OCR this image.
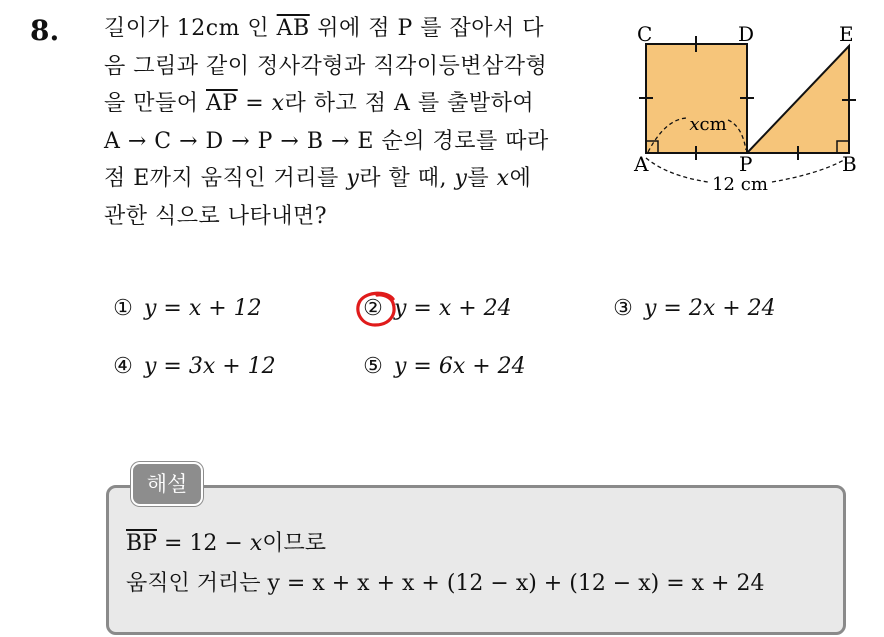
8. 길이가 12cm 인 $\overline{AB}$ 위에 점 P 를 잡아서 다
음 그림과 같이 정사각형과 직각이등변삼각형
을 만들어 $\overline{AP} = x$라 하고 점 A 를 출발하여
A → C → D → P → B → E 순의 경로를 따라
점 E까지 움직인 거리를 y라 할 때, y를 x에
관한 식으로 나타내면?
xcm
12 cm
C	D	E
A	P	B
① y = x + 12	② y = x + 24	③ y = 2x + 24
④ y = 3x + 12	⑤ y = 6x + 24
해설
$\overline{BP} = 12 - x$이므로
움직인 거리는 y = x + x + x + (12 − x) + (12 − x) = x + 24
